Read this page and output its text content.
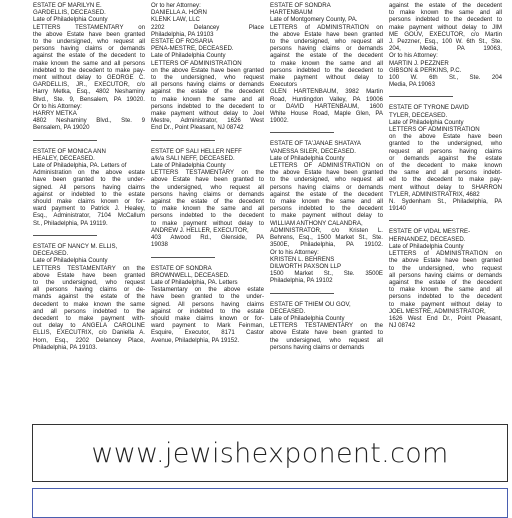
ESTATE OF MARILYN E.
GARDELLIS, DECEASED.
Late of Philadelphia County
LETTERS TESTAMENTARY on
the above Estate have been granted
to the undersigned, who request all
persons having claims or demands
against the estate of the decedent to
make known the same and all persons
indebted to the decedent to make pay-
ment without delay to GEORGE C.
GARDELLIS, JR., EXECUTOR, c/o
Harry Metka, Esq., 4802 Neshaminy
Blvd., Ste. 9, Bensalem, PA 19020.
Or to his Attorney:
HARRY METKA
4802 Neshaminy Blvd., Ste. 9
Bensalem, PA 19020
ESTATE OF MONICA ANN
HEALEY, DECEASED.
Late of Philadelphia, PA. Letters of
Administration on the above estate
have been granted to the under-
signed. All persons having claims
against or indebted to the estate
should make claims known or for-
ward payment to Patrick J. Healey,
Esq., Administrator, 7104 McCallum
St., Philadelphia, PA 19119.
ESTATE OF NANCY M. ELLIS,
DECEASED.
Late of Philadelphia County
LETTERS TESTAMENTARY on the
above Estate have been granted
to the undersigned, who request
all persons having claims or de-
mands against the estate of the
decedent to make known the same
and all persons indebted to the
decedent to make payment with-
out delay to ANGELA CAROLINE
ELLIS, EXECUTRIX, c/o Daniella A.
Horn, Esq., 2202 Delancey Place,
Philadelphia, PA 19103.
Or to her Attorney:
DANIELLA A. HORN
KLENK LAW, LLC
2202 Delancey Place
Philadelphia, PA 19103
ESTATE OF ROSARIA
PENA-MESTRE, DECEASED.
Late of Philadelphia County
LETTERS OF ADMINISTRATION
on the above Estate have been granted
to the undersigned, who request
all persons having claims or demands
against the estate of the decedent
to make known the same and all
persons indebted to the decedent to
make payment without delay to Joel
Mestre, Administrator, 1626 West
End Dr., Point Pleasant, NJ 08742
ESTATE OF SALI HELLER NEFF
a/k/a SALI NEFF, DECEASED.
Late of Philadelphia County
LETTERS TESTAMENTARY on the
above Estate have been granted to
the undersigned, who request all
persons having claims or demands
against the estate of the decedent
to make known the same and all
persons indebted to the decedent
to make payment without delay to
ANDREW J. HELLER, EXECUTOR,
403 Atwood Rd., Glenside, PA
19038
ESTATE OF SONDRA
BROWNWELL, DECEASED.
Late of Philadelphia, PA. Letters
Testamentary on the above estate
have been granted to the under-
signed. All persons having claims
against or indebted to the estate
should make claims known or for-
ward payment to Mark Feinman,
Esquire, Executor, 8171 Castor
Avenue, Philadelphia, PA 19152.
ESTATE OF SONDRA
HARTENBAUM
Late of Montgomery County, PA.
LETTERS of ADMINISTRATION on
the above Estate have been granted
to the undersigned, who request all
persons having claims or demands
against the estate of the decedent
to make known the same and all
persons indebted to the decedent to
make payment without delay to
Executors
GLEN HARTENBAUM, 3982 Martin
Road, Huntingdon Valley, PA 19006
or DAVID HARTENBAUM, 1600
White House Road, Maple Glen, PA
19002.
ESTATE OF TA'JANAE SHATAYA
VANESSA SILER, DECEASED.
Late of Philadelphia County
LETTERS OF ADMINISTRATION on
the above Estate have been granted
to the undersigned, who request all
persons having claims or demands
against the estate of the decedent
to make known the same and all
persons indebted to the decedent
to make payment without delay to
WILLIAM ANTHONY CALANDRA,
ADMINISTRATOR, c/o Kristen L.
Behrens, Esq., 1500 Market St., Ste.
3500E, Philadelphia, PA 19102.
Or to his Attorney:
KRISTEN L. BEHRENS
DILWORTH PAXSON LLP
1500 Market St., Ste. 3500E
Philadelphia, PA 19102
ESTATE OF THIEM OU GOV,
DECEASED.
Late of Philadelphia County
LETTERS TESTAMENTARY on the
above Estate have been granted to
the undersigned, who request all
persons having claims or demands
against the estate of the decedent
to make known the same and all
persons indebted to the decedent to
make payment without delay to JIM
ME GOUV, EXECUTOR, c/o Martin
J. Pezzner, Esq., 100 W. 6th St., Ste.
204, Media, PA 19063,
Or to his Attorney:
MARTIN J. PEZZNER
GIBSON & PERKINS, P.C.
100 W. 6th St., Ste. 204
Media, PA 19063
ESTATE OF TYRONE DAVID
TYLER, DECEASED.
Late of Philadelphia County
LETTERS OF ADMINISTRATION
on the above Estate have been
granted to the undersigned, who
request all persons having claims
or demands against the estate
of the decedent to make known
the same and all persons indebt-
ed to the decedent to make pay-
ment without delay to SHARRON
TYLER, ADMINISTRATRIX, 4682
N. Sydenham St., Philadelphia, PA
19140
ESTATE OF VIDAL MESTRE-
HERNANDEZ, DECEASED.
Late of Philadelphia County
LETTERS of ADMINISTRATION on
the above Estate have been granted
to the undersigned, who request
all persons having claims or demands
against the estate of the decedent
to make known the same and all
persons indebted to the decedent
to make payment without delay to
JOEL MESTRE, ADMINISTRATOR,
1626 West End Dr., Point Pleasant,
NJ 08742
www.jewishexponent.com
